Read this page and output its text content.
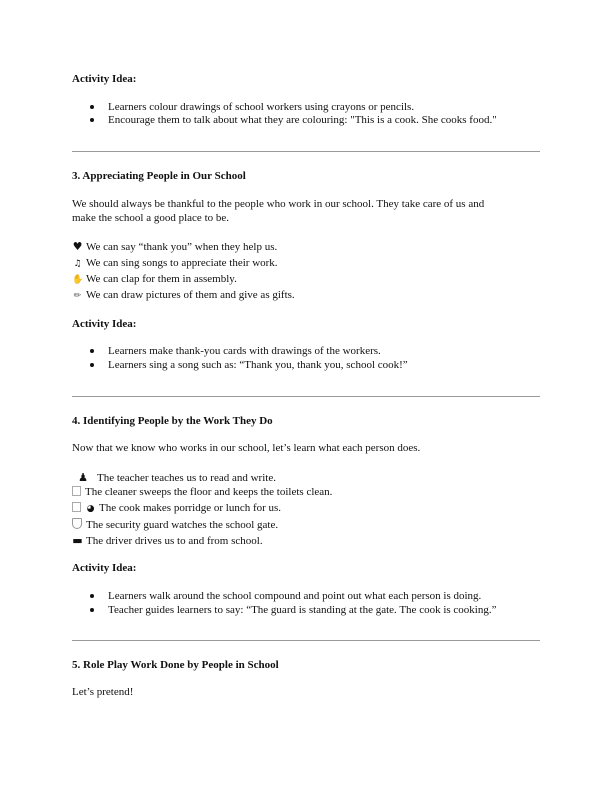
Activity Idea:
Learners colour drawings of school workers using crayons or pencils.
Encourage them to talk about what they are colouring: "This is a cook. She cooks food."
3. Appreciating People in Our School
We should always be thankful to the people who work in our school. They take care of us and
make the school a good place to be.
♥ We can say “thank you” when they help us.
♫ We can sing songs to appreciate their work.
✋ We can clap for them in assembly.
✏ We can draw pictures of them and give as gifts.
Activity Idea:
Learners make thank-you cards with drawings of the workers.
Learners sing a song such as: “Thank you, thank you, school cook!”
4. Identifying People by the Work They Do
Now that we know who works in our school, let’s learn what each person does.
♟ The teacher teaches us to read and write.
The cleaner sweeps the floor and keeps the toilets clean.
◕ The cook makes porridge or lunch for us.
The security guard watches the school gate.
▬ The driver drives us to and from school.
Activity Idea:
Learners walk around the school compound and point out what each person is doing.
Teacher guides learners to say: “The guard is standing at the gate. The cook is cooking.”
5. Role Play Work Done by People in School
Let’s pretend!
